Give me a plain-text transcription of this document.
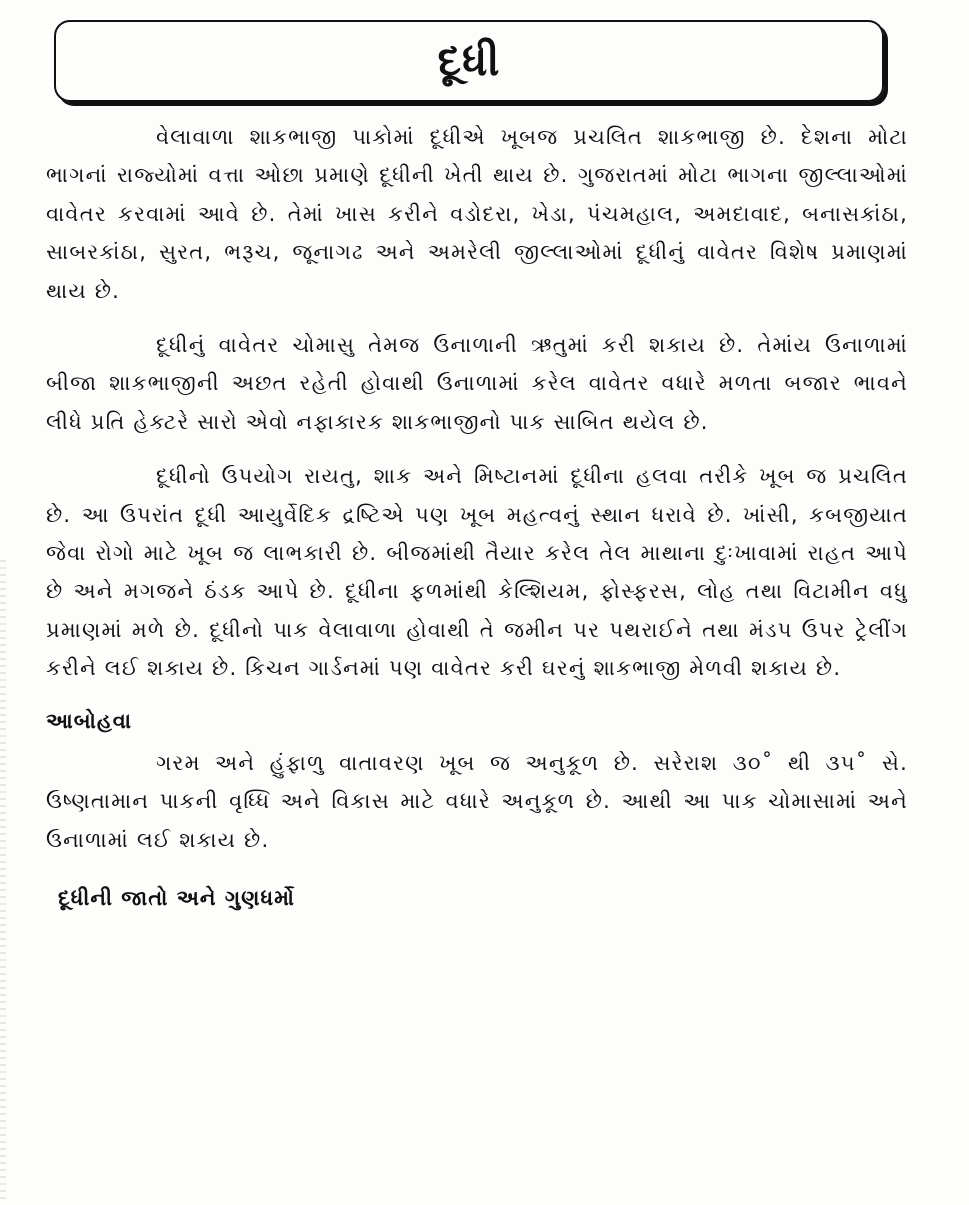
દૂધી

વેલાવાળા શાકભાજી પાકોમાં દૂધીએ ખૂબજ પ્રચલિત શાકભાજી છે. દેશના મોટા ભાગનાં રાજ્યોમાં વત્તા ઓછા પ્રમાણે દૂધીની ખેતી થાય છે. ગુજરાતમાં મોટા ભાગના જીલ્લાઓમાં વાવેતર કરવામાં આવે છે. તેમાં ખાસ કરીને વડોદરા, ખેડા, પંચમહાલ, અમદાવાદ, બનાસકાંઠા, સાબરકાંઠા, સુરત, ભરૂચ, જૂનાગઢ અને અમરેલી જીલ્લાઓમાં દૂધીનું વાવેતર વિશેષ પ્રમાણમાં થાય છે.

દૂધીનું વાવેતર ચોમાસુ તેમજ ઉનાળાની ઋતુમાં કરી શકાય છે. તેમાંય ઉનાળામાં બીજા શાકભાજીની અછત રહેતી હોવાથી ઉનાળામાં કરેલ વાવેતર વધારે મળતા બજાર ભાવને લીધે પ્રતિ હેક્ટરે સારો એવો નફાકારક શાકભાજીનો પાક સાબિત થયેલ છે.

દૂધીનો ઉપયોગ રાયતુ, શાક અને મિષ્ટાનમાં દૂધીના હલવા તરીકે ખૂબ જ પ્રચલિત છે. આ ઉપરાંત દૂધી આયુર્વેદિક દ્રષ્ટિએ પણ ખૂબ મહત્વનું સ્થાન ધરાવે છે. ખાંસી, કબજીયાત જેવા રોગો માટે ખૂબ જ લાભકારી છે. બીજમાંથી તૈયાર કરેલ તેલ માથાના દુઃખાવામાં રાહત આપે છે અને મગજને ઠંડક આપે છે. દૂધીના ફળમાંથી કેલ્શિયમ, ફોસ્ફરસ, લોહ તથા વિટામીન વધુ પ્રમાણમાં મળે છે. દૂધીનો પાક વેલાવાળા હોવાથી તે જમીન પર પથરાઈને તથા મંડપ ઉપર ટ્રેલીંગ કરીને લઈ શકાય છે. કિચન ગાર્ડનમાં પણ વાવેતર કરી ઘરનું શાકભાજી મેળવી શકાય છે.

આબોહવા

ગરમ અને હુંફાળુ વાતાવરણ ખૂબ જ અનુકૂળ છે. સરેરાશ ૩૦˚ થી ૩૫˚ સે. ઉષ્ણતામાન પાકની વૃધ્ધિ અને વિકાસ માટે વધારે અનુકૂળ છે. આથી આ પાક ચોમાસામાં અને ઉનાળામાં લઈ શકાય છે.

દૂધીની જાતો અને ગુણધર્મો
